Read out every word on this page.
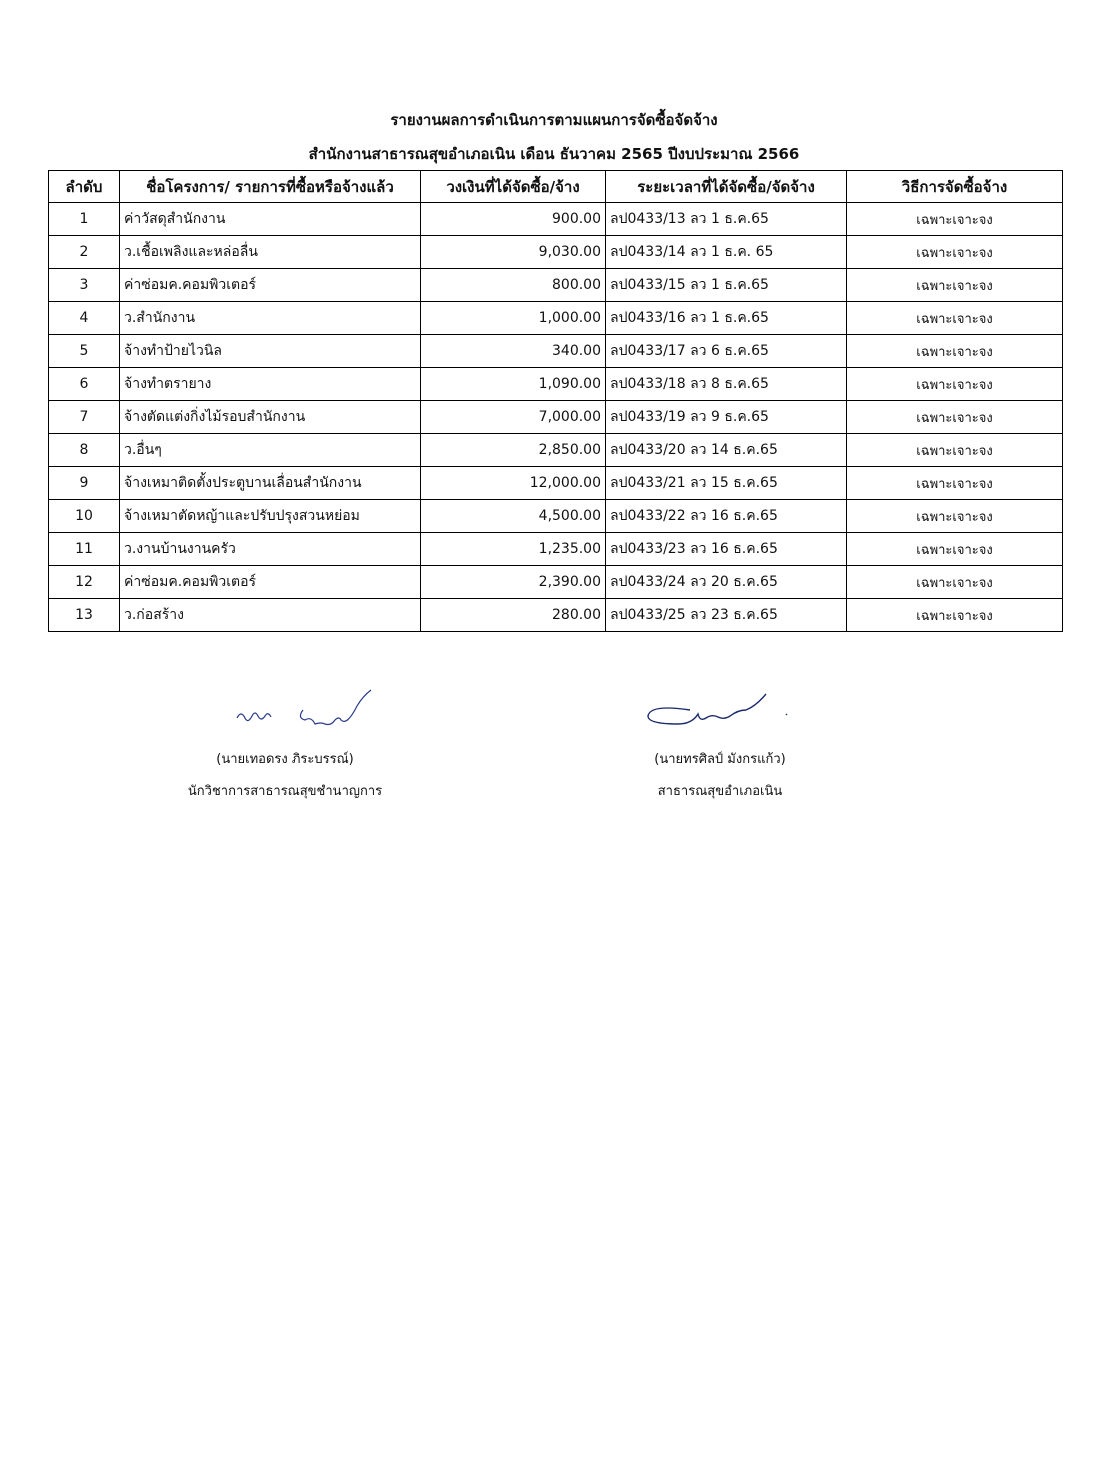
รายงานผลการดำเนินการตามแผนการจัดซื้อจัดจ้าง
สำนักงานสาธารณสุขอำเภอเนิน เดือน ธันวาคม 2565 ปีงบประมาณ 2566
ลำดับ	ชื่อโครงการ/ รายการที่ซื้อหรือจ้างแล้ว	วงเงินที่ได้จัดซื้อ/จ้าง	ระยะเวลาที่ได้จัดซื้อ/จัดจ้าง	วิธีการจัดซื้อจ้าง
1	ค่าวัสดุสำนักงาน	900.00	ลป0433/13 ลว 1 ธ.ค.65	เฉพาะเจาะจง
2	ว.เชื้อเพลิงและหล่อลื่น	9,030.00	ลป0433/14 ลว 1 ธ.ค. 65	เฉพาะเจาะจง
3	ค่าซ่อมค.คอมพิวเตอร์	800.00	ลป0433/15 ลว 1 ธ.ค.65	เฉพาะเจาะจง
4	ว.สำนักงาน	1,000.00	ลป0433/16 ลว 1 ธ.ค.65	เฉพาะเจาะจง
5	จ้างทำป้ายไวนิล	340.00	ลป0433/17 ลว 6 ธ.ค.65	เฉพาะเจาะจง
6	จ้างทำตรายาง	1,090.00	ลป0433/18 ลว 8 ธ.ค.65	เฉพาะเจาะจง
7	จ้างตัดแต่งกิ่งไม้รอบสำนักงาน	7,000.00	ลป0433/19 ลว 9 ธ.ค.65	เฉพาะเจาะจง
8	ว.อื่นๆ	2,850.00	ลป0433/20 ลว 14 ธ.ค.65	เฉพาะเจาะจง
9	จ้างเหมาติดตั้งประตูบานเลื่อนสำนักงาน	12,000.00	ลป0433/21 ลว 15 ธ.ค.65	เฉพาะเจาะจง
10	จ้างเหมาตัดหญ้าและปรับปรุงสวนหย่อม	4,500.00	ลป0433/22 ลว 16 ธ.ค.65	เฉพาะเจาะจง
11	ว.งานบ้านงานครัว	1,235.00	ลป0433/23 ลว 16 ธ.ค.65	เฉพาะเจาะจง
12	ค่าซ่อมค.คอมพิวเตอร์	2,390.00	ลป0433/24 ลว 20 ธ.ค.65	เฉพาะเจาะจง
13	ว.ก่อสร้าง	280.00	ลป0433/25 ลว 23 ธ.ค.65	เฉพาะเจาะจง
(นายเทอดรง ภิระบรรณ์)
นักวิชาการสาธารณสุขชำนาญการ
(นายทรศิลป์ มังกรแก้ว)
สาธารณสุขอำเภอเนิน
